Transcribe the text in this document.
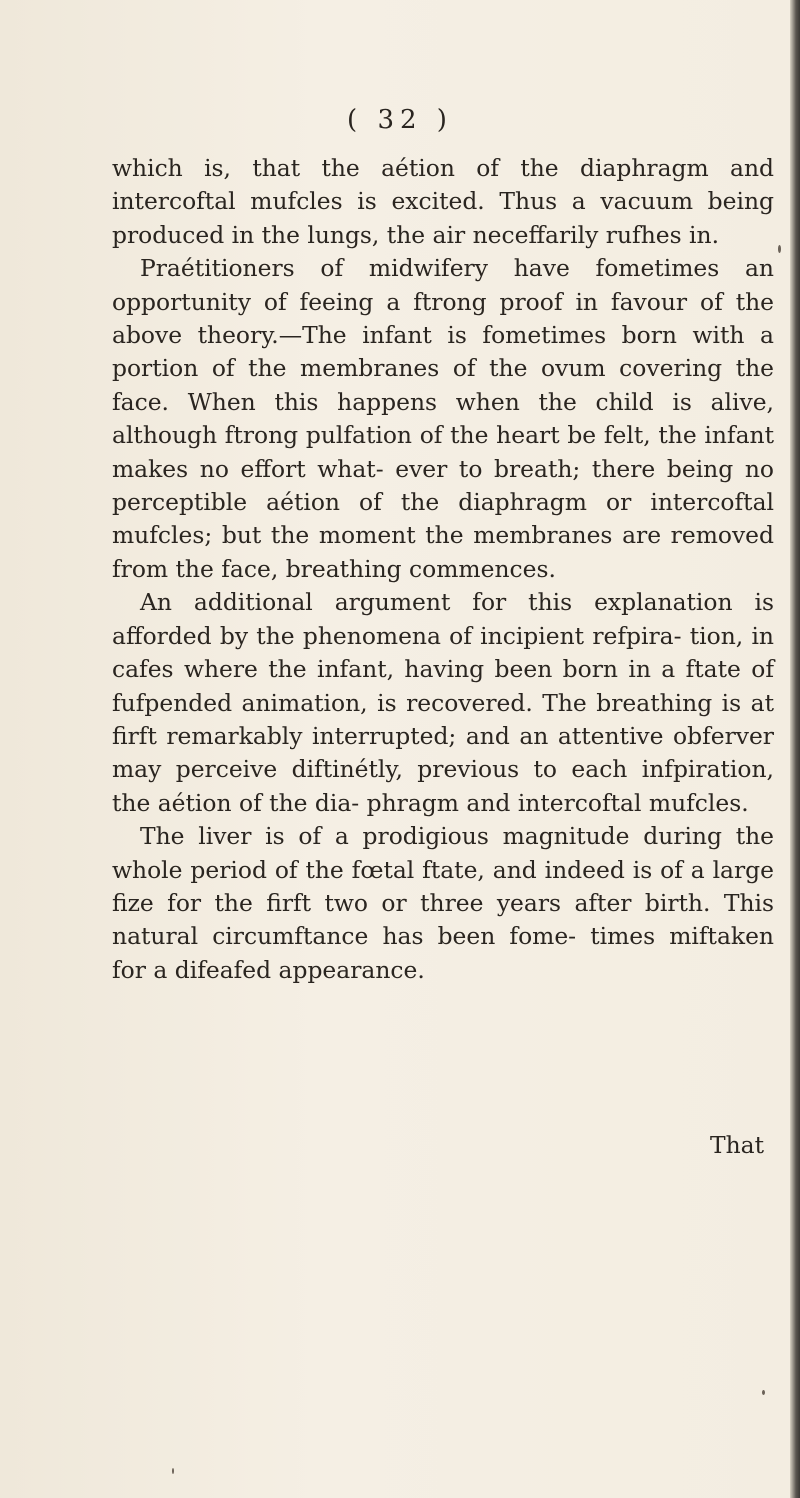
( 32 )

which is, that the aétion of the diaphragm and intercoftal mufcles is excited. Thus a vacuum being produced in the lungs, the air neceffarily rufhes in.

Praétitioners of midwifery have fometimes an opportunity of feeing a ftrong proof in favour of the above theory.—The infant is fometimes born with a portion of the membranes of the ovum covering the face. When this happens when the child is alive, although ftrong pulfation of the heart be felt, the infant makes no effort what- ever to breath; there being no perceptible aétion of the diaphragm or intercoftal mufcles; but the moment the membranes are removed from the face, breathing commences.

An additional argument for this explanation is afforded by the phenomena of incipient refpira- tion, in cafes where the infant, having been born in a ftate of fufpended animation, is recovered. The breathing is at firft remarkably interrupted; and an attentive obferver may perceive diftinétly, previous to each infpiration, the aétion of the dia- phragm and intercoftal mufcles.

The liver is of a prodigious magnitude during the whole period of the fœtal ftate, and indeed is of a large fize for the firft two or three years after birth. This natural circumftance has been fome- times miftaken for a difeafed appearance.

That
